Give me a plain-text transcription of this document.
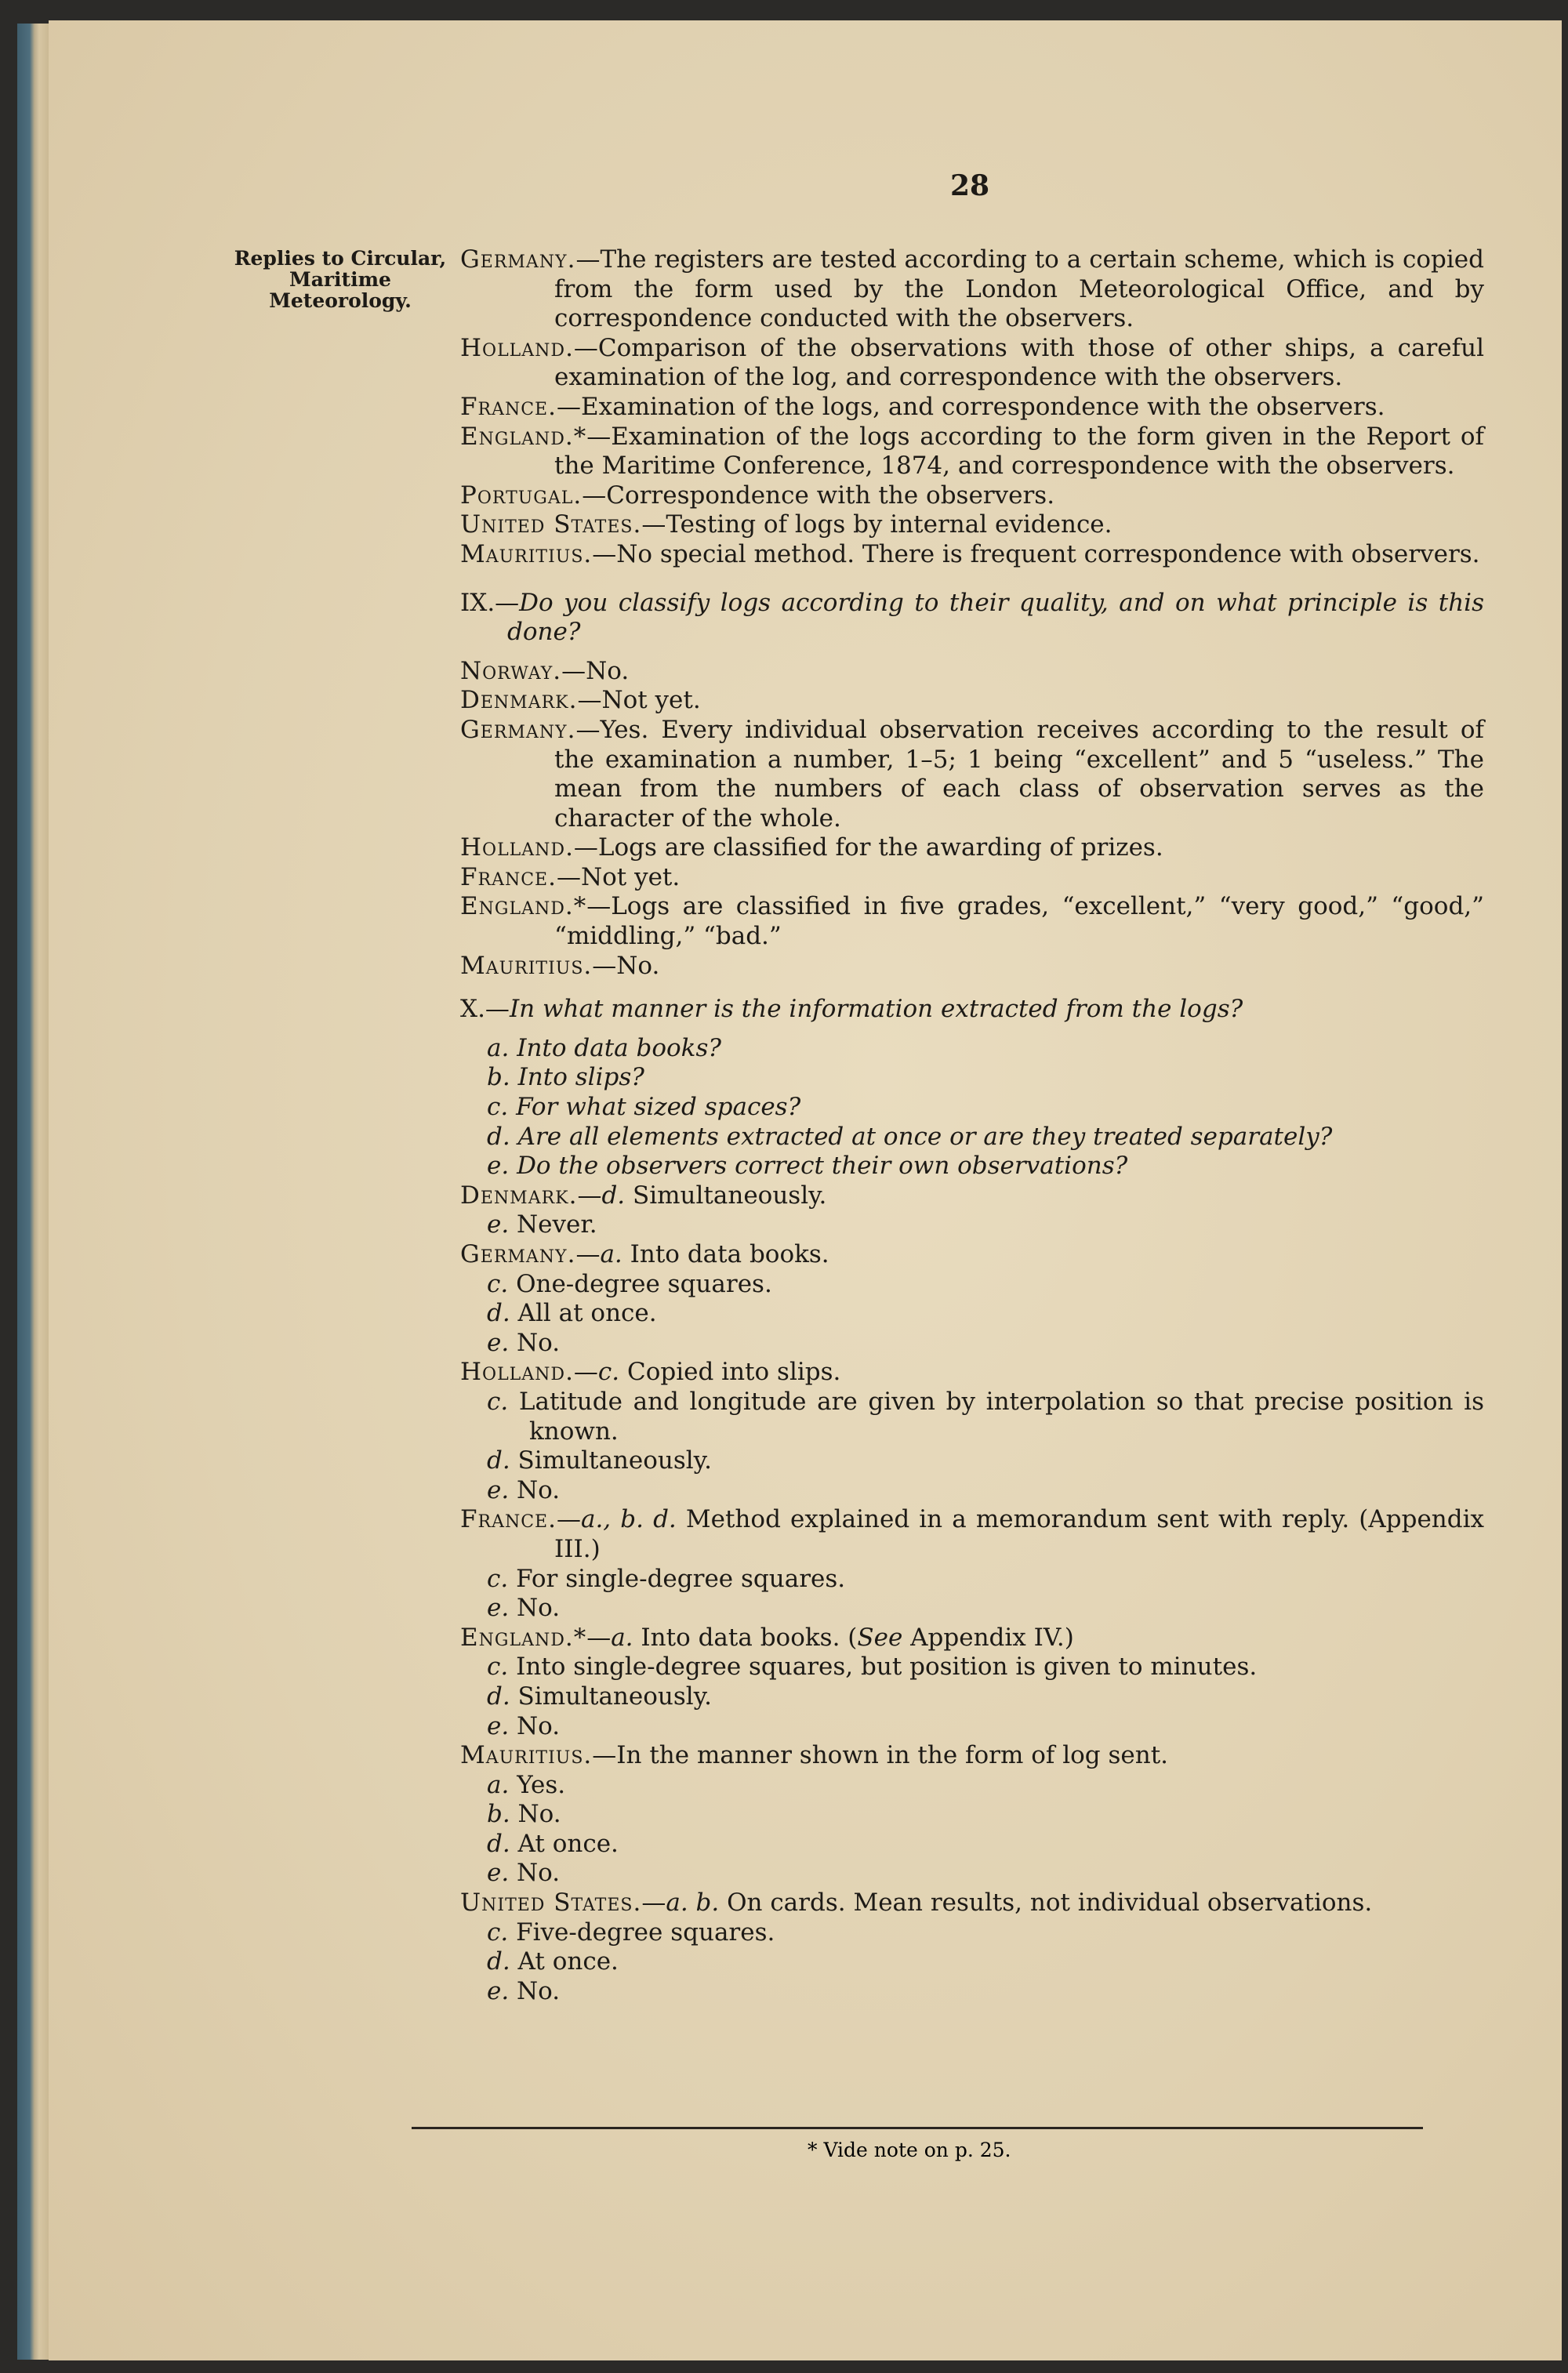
28
Replies to Circular, Maritime Meteorology.

Germany.—The registers are tested according to a certain scheme, which is copied from the form used by the London Meteorological Office, and by correspondence conducted with the observers.

Holland.—Comparison of the observations with those of other ships, a careful examination of the log, and correspondence with the observers.

France.—Examination of the logs, and correspondence with the observers.

England.*—Examination of the logs according to the form given in the Report of the Maritime Conference, 1874, and correspondence with the observers.

Portugal.—Correspondence with the observers.

United States.—Testing of logs by internal evidence.

Mauritius.—No special method. There is frequent correspondence with observers.

IX.—Do you classify logs according to their quality, and on what principle is this done?

Norway.—No.

Denmark.—Not yet.

Germany.—Yes. Every individual observation receives according to the result of the examination a number, 1–5; 1 being “excellent” and 5 “useless.” The mean from the numbers of each class of observation serves as the character of the whole.

Holland.—Logs are classified for the awarding of prizes.

France.—Not yet.

England.*—Logs are classified in five grades, “excellent,” “very good,” “good,” “middling,” “bad.”

Mauritius.—No.

X.—In what manner is the information extracted from the logs?

a. Into data books?

b. Into slips?

c. For what sized spaces?

d. Are all elements extracted at once or are they treated separately?

e. Do the observers correct their own observations?

Denmark.—d. Simultaneously.

e. Never.

Germany.—a. Into data books.

c. One-degree squares.

d. All at once.

e. No.

Holland.—c. Copied into slips.

c. Latitude and longitude are given by interpolation so that precise position is known.

d. Simultaneously.

e. No.

France.—a., b. d. Method explained in a memorandum sent with reply. (Appendix III.)

c. For single-degree squares.

e. No.

England.*—a. Into data books. (See Appendix IV.)

c. Into single-degree squares, but position is given to minutes.

d. Simultaneously.

e. No.

Mauritius.—In the manner shown in the form of log sent.

a. Yes.

b. No.

d. At once.

e. No.

United States.—a. b. On cards. Mean results, not individual observations.

c. Five-degree squares.

d. At once.

e. No.

* Vide note on p. 25.
